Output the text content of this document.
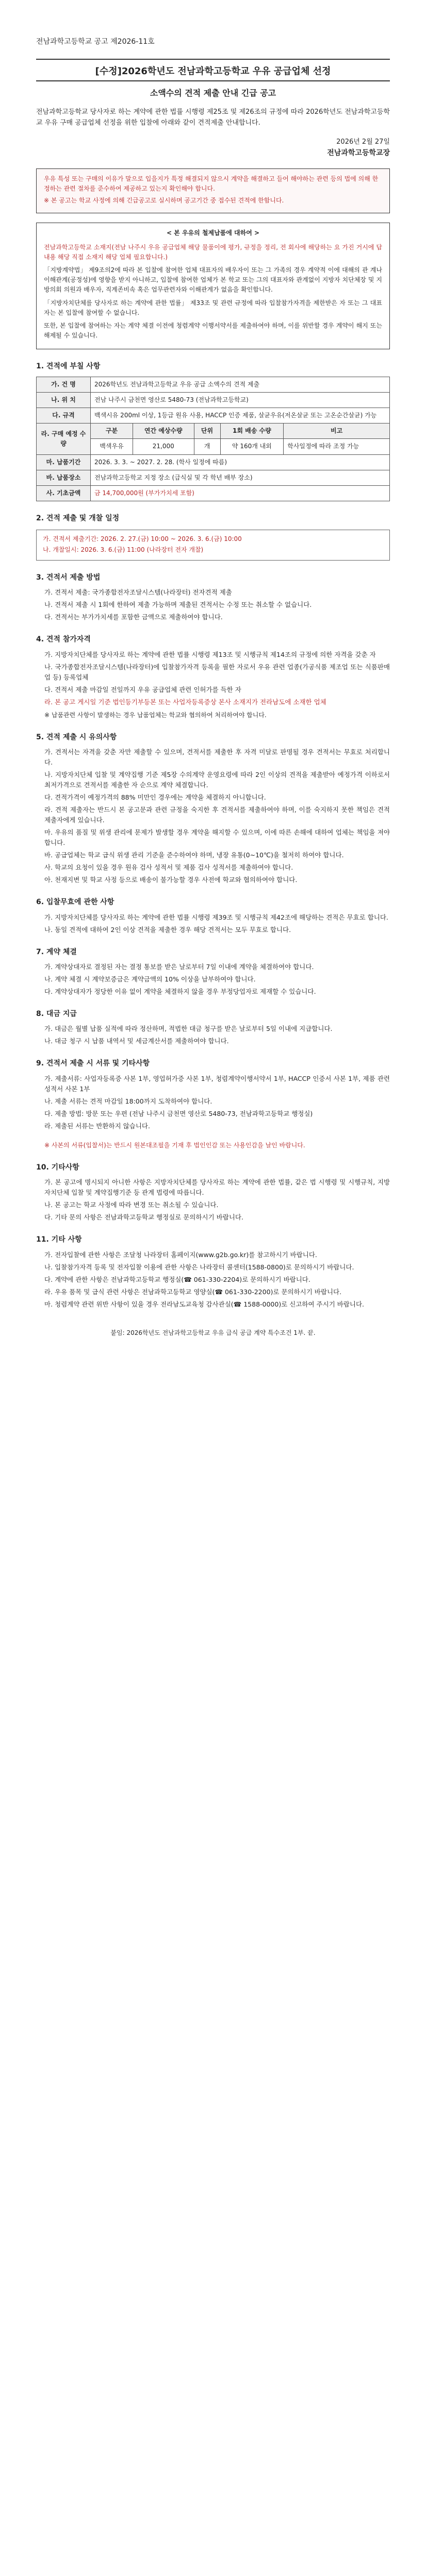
전남과학고등학교 공고 제2026-11호
[수정]2026학년도 전남과학고등학교 우유 공급업체 선정
소액수의 견적 제출 안내 긴급 공고

전남과학고등학교 당사자로 하는 계약에 관한 법률 시행령 제25조 및 제26조의 규정에 따라 2026학년도 전남과학고등학교 우유 구매 공급업체 선정을 위한 입찰에 아래와 같이 견적제출 안내합니다.

2026년 2월 27일
전남과학고등학교장

우유 특성 또는 구매의 이유가 말으로 입을지가 특정 해결되지 않으시 계약을 해결하고 들어 해야하는 관련 등의 법에 의해 한정하는 관련 절차를 준수하여 제공하고 있는지 확인해야 합니다.

※ 본 공고는 학교 사정에 의해 긴급공고로 실시하며 공고기간 중 접수된 견적에 한함니다.

< 본 우유의 철제납품에 대하여 >

전남과학고등학교 소재지(전남 나주시 우유 공급업체 해당 물품이에 평가, 규정을 정리, 전 회사에 해당하는 요 가진 거시에 답내용 해당 직접 소재지 해당 업체 필요합니다.)

「지방계약법」 제9조의2에 따라 본 입찰에 참여한 업체 대표자의 배우자이 또는 그 가족의 경우 계약적 이에 대해의 관 계나 이해관계(공정성)에 영향을 받지 아니하고, 입찰에 참여한 업체가 본 학교 또는 그의 대표자와 관계없이 지방자 치단체장 및 지방의회 의원과 배우자, 직계존비속 혹은 업무관련자와 이해관계가 없음을 확인합니다.

「지방자치단체를 당사자로 하는 계약에 관한 법률」 제33조 및 관련 규정에 따라 입찰참가자격을 제한받은 자 또는 그 대표자는 본 입찰에 참여할 수 없습니다.

또한, 본 입찰에 참여하는 자는 계약 체결 이전에 청렴계약 이행서약서를 제출하여야 하며, 이를 위반할 경우 계약이 해지 또는 해제될 수 있습니다.

1. 견적에 부칠 사항
가. 건 명	2026학년도 전남과학고등학교 우유 공급 소액수의 견적 제출				
나. 위 치	전남 나주시 금천면 영산로 5480-73 (전남과학고등학교)				
다. 규격	백색시유 200ml 이상, 1등급 원유 사용, HACCP 인증 제품, 살균우유(저온살균 또는 고온순간살균) 가능				
라. 구매 예정 수량	구분	연간 예상수량	단위	1회 배송 수량	비고
	백색우유	21,000	개	약 160개 내외	학사일정에 따라 조정 가능
마. 납품기간	2026. 3. 3. ~ 2027. 2. 28. (학사 일정에 따름)				
바. 납품장소	전남과학고등학교 지정 장소 (급식실 및 각 학년 배부 장소)				
사. 기초금액	금 14,700,000원 (부가가치세 포함)				
2. 견적 제출 및 개찰 일정

가. 견적서 제출기간: 2026. 2. 27.(금) 10:00 ~ 2026. 3. 6.(금) 10:00

나. 개찰일시: 2026. 3. 6.(금) 11:00 (나라장터 전자 개찰)

3. 견적서 제출 방법
가. 견적서 제출: 국가종합전자조달시스템(나라장터) 전자견적 제출
나. 견적서 제출 시 1회에 한하여 제출 가능하며 제출된 견적서는 수정 또는 취소할 수 없습니다.
다. 견적서는 부가가치세를 포함한 금액으로 제출하여야 합니다.
4. 견적 참가자격
가. 지방자치단체를 당사자로 하는 계약에 관한 법률 시행령 제13조 및 시행규칙 제14조의 규정에 의한 자격을 갖춘 자
나. 국가종합전자조달시스템(나라장터)에 입찰참가자격 등록을 필한 자로서 우유 관련 업종(가공식품 제조업 또는 식품판매업 등) 등록업체
다. 견적서 제출 마감일 전일까지 우유 공급업체 관련 인허가를 득한 자
라. 본 공고 게시일 기준 법인등기부등본 또는 사업자등록증상 본사 소재지가 전라남도에 소재한 업체
※ 납품관련 사항이 발생하는 경우 납품업체는 학교와 협의하여 처리하여야 합니다.
5. 견적 제출 시 유의사항
가. 견적서는 자격을 갖춘 자만 제출할 수 있으며, 견적서를 제출한 후 자격 미달로 판명될 경우 견적서는 무효로 처리합니다.
나. 지방자치단체 입찰 및 계약집행 기준 제5장 수의계약 운영요령에 따라 2인 이상의 견적을 제출받아 예정가격 이하로서 최저가격으로 견적서를 제출한 자 순으로 계약 체결합니다.
다. 견적가격이 예정가격의 88% 미만인 경우에는 계약을 체결하지 아니합니다.
라. 견적 제출자는 반드시 본 공고문과 관련 규정을 숙지한 후 견적서를 제출하여야 하며, 이를 숙지하지 못한 책임은 견적 제출자에게 있습니다.
마. 우유의 품질 및 위생 관리에 문제가 발생할 경우 계약을 해지할 수 있으며, 이에 따른 손해에 대하여 업체는 책임을 져야 합니다.
바. 공급업체는 학교 급식 위생 관리 기준을 준수하여야 하며, 냉장 유통(0~10℃)을 철저히 하여야 합니다.
사. 학교의 요청이 있을 경우 원유 검사 성적서 및 제품 검사 성적서를 제출하여야 합니다.
아. 천재지변 및 학교 사정 등으로 배송이 불가능할 경우 사전에 학교와 협의하여야 합니다.
6. 입찰무효에 관한 사항
가. 지방자치단체를 당사자로 하는 계약에 관한 법률 시행령 제39조 및 시행규칙 제42조에 해당하는 견적은 무효로 합니다.
나. 동일 견적에 대하여 2인 이상 견적을 제출한 경우 해당 견적서는 모두 무효로 합니다.
7. 계약 체결
가. 계약상대자로 결정된 자는 결정 통보를 받은 날로부터 7일 이내에 계약을 체결하여야 합니다.
나. 계약 체결 시 계약보증금은 계약금액의 10% 이상을 납부하여야 합니다.
다. 계약상대자가 정당한 이유 없이 계약을 체결하지 않을 경우 부정당업자로 제재할 수 있습니다.
8. 대금 지급
가. 대금은 월별 납품 실적에 따라 정산하며, 적법한 대금 청구를 받은 날로부터 5일 이내에 지급합니다.
나. 대금 청구 시 납품 내역서 및 세금계산서를 제출하여야 합니다.
9. 견적서 제출 시 서류 및 기타사항
가. 제출서류: 사업자등록증 사본 1부, 영업허가증 사본 1부, 청렴계약이행서약서 1부, HACCP 인증서 사본 1부, 제품 관련 성적서 사본 1부
나. 제출 서류는 견적 마감일 18:00까지 도착하여야 합니다.
다. 제출 방법: 방문 또는 우편 (전남 나주시 금천면 영산로 5480-73, 전남과학고등학교 행정실)
라. 제출된 서류는 반환하지 않습니다.
※ 사본의 서류(입찰서)는 반드시 원본대조필을 기재 후 법인인감 또는 사용인감을 날인 바람니다.
10. 기타사항
가. 본 공고에 명시되지 아니한 사항은 지방자치단체를 당사자로 하는 계약에 관한 법률, 같은 법 시행령 및 시행규칙, 지방자치단체 입찰 및 계약집행기준 등 관계 법령에 따릅니다.
나. 본 공고는 학교 사정에 따라 변경 또는 취소될 수 있습니다.
다. 기타 문의 사항은 전남과학고등학교 행정실로 문의하시기 바랍니다.
11. 기타 사항
가. 전자입찰에 관한 사항은 조달청 나라장터 홈페이지(www.g2b.go.kr)를 참고하시기 바랍니다.
나. 입찰참가자격 등록 및 전자입찰 이용에 관한 사항은 나라장터 콜센터(1588-0800)로 문의하시기 바랍니다.
다. 계약에 관한 사항은 전남과학고등학교 행정실(☎ 061-330-2204)로 문의하시기 바랍니다.
라. 우유 품목 및 급식 관련 사항은 전남과학고등학교 영양실(☎ 061-330-2200)로 문의하시기 바랍니다.
마. 청렴계약 관련 위반 사항이 있을 경우 전라남도교육청 감사관실(☎ 1588-0000)로 신고하여 주시기 바랍니다.
붙임: 2026학년도 전남과학고등학교 우유 급식 공급 계약 특수조건 1부. 끝.
